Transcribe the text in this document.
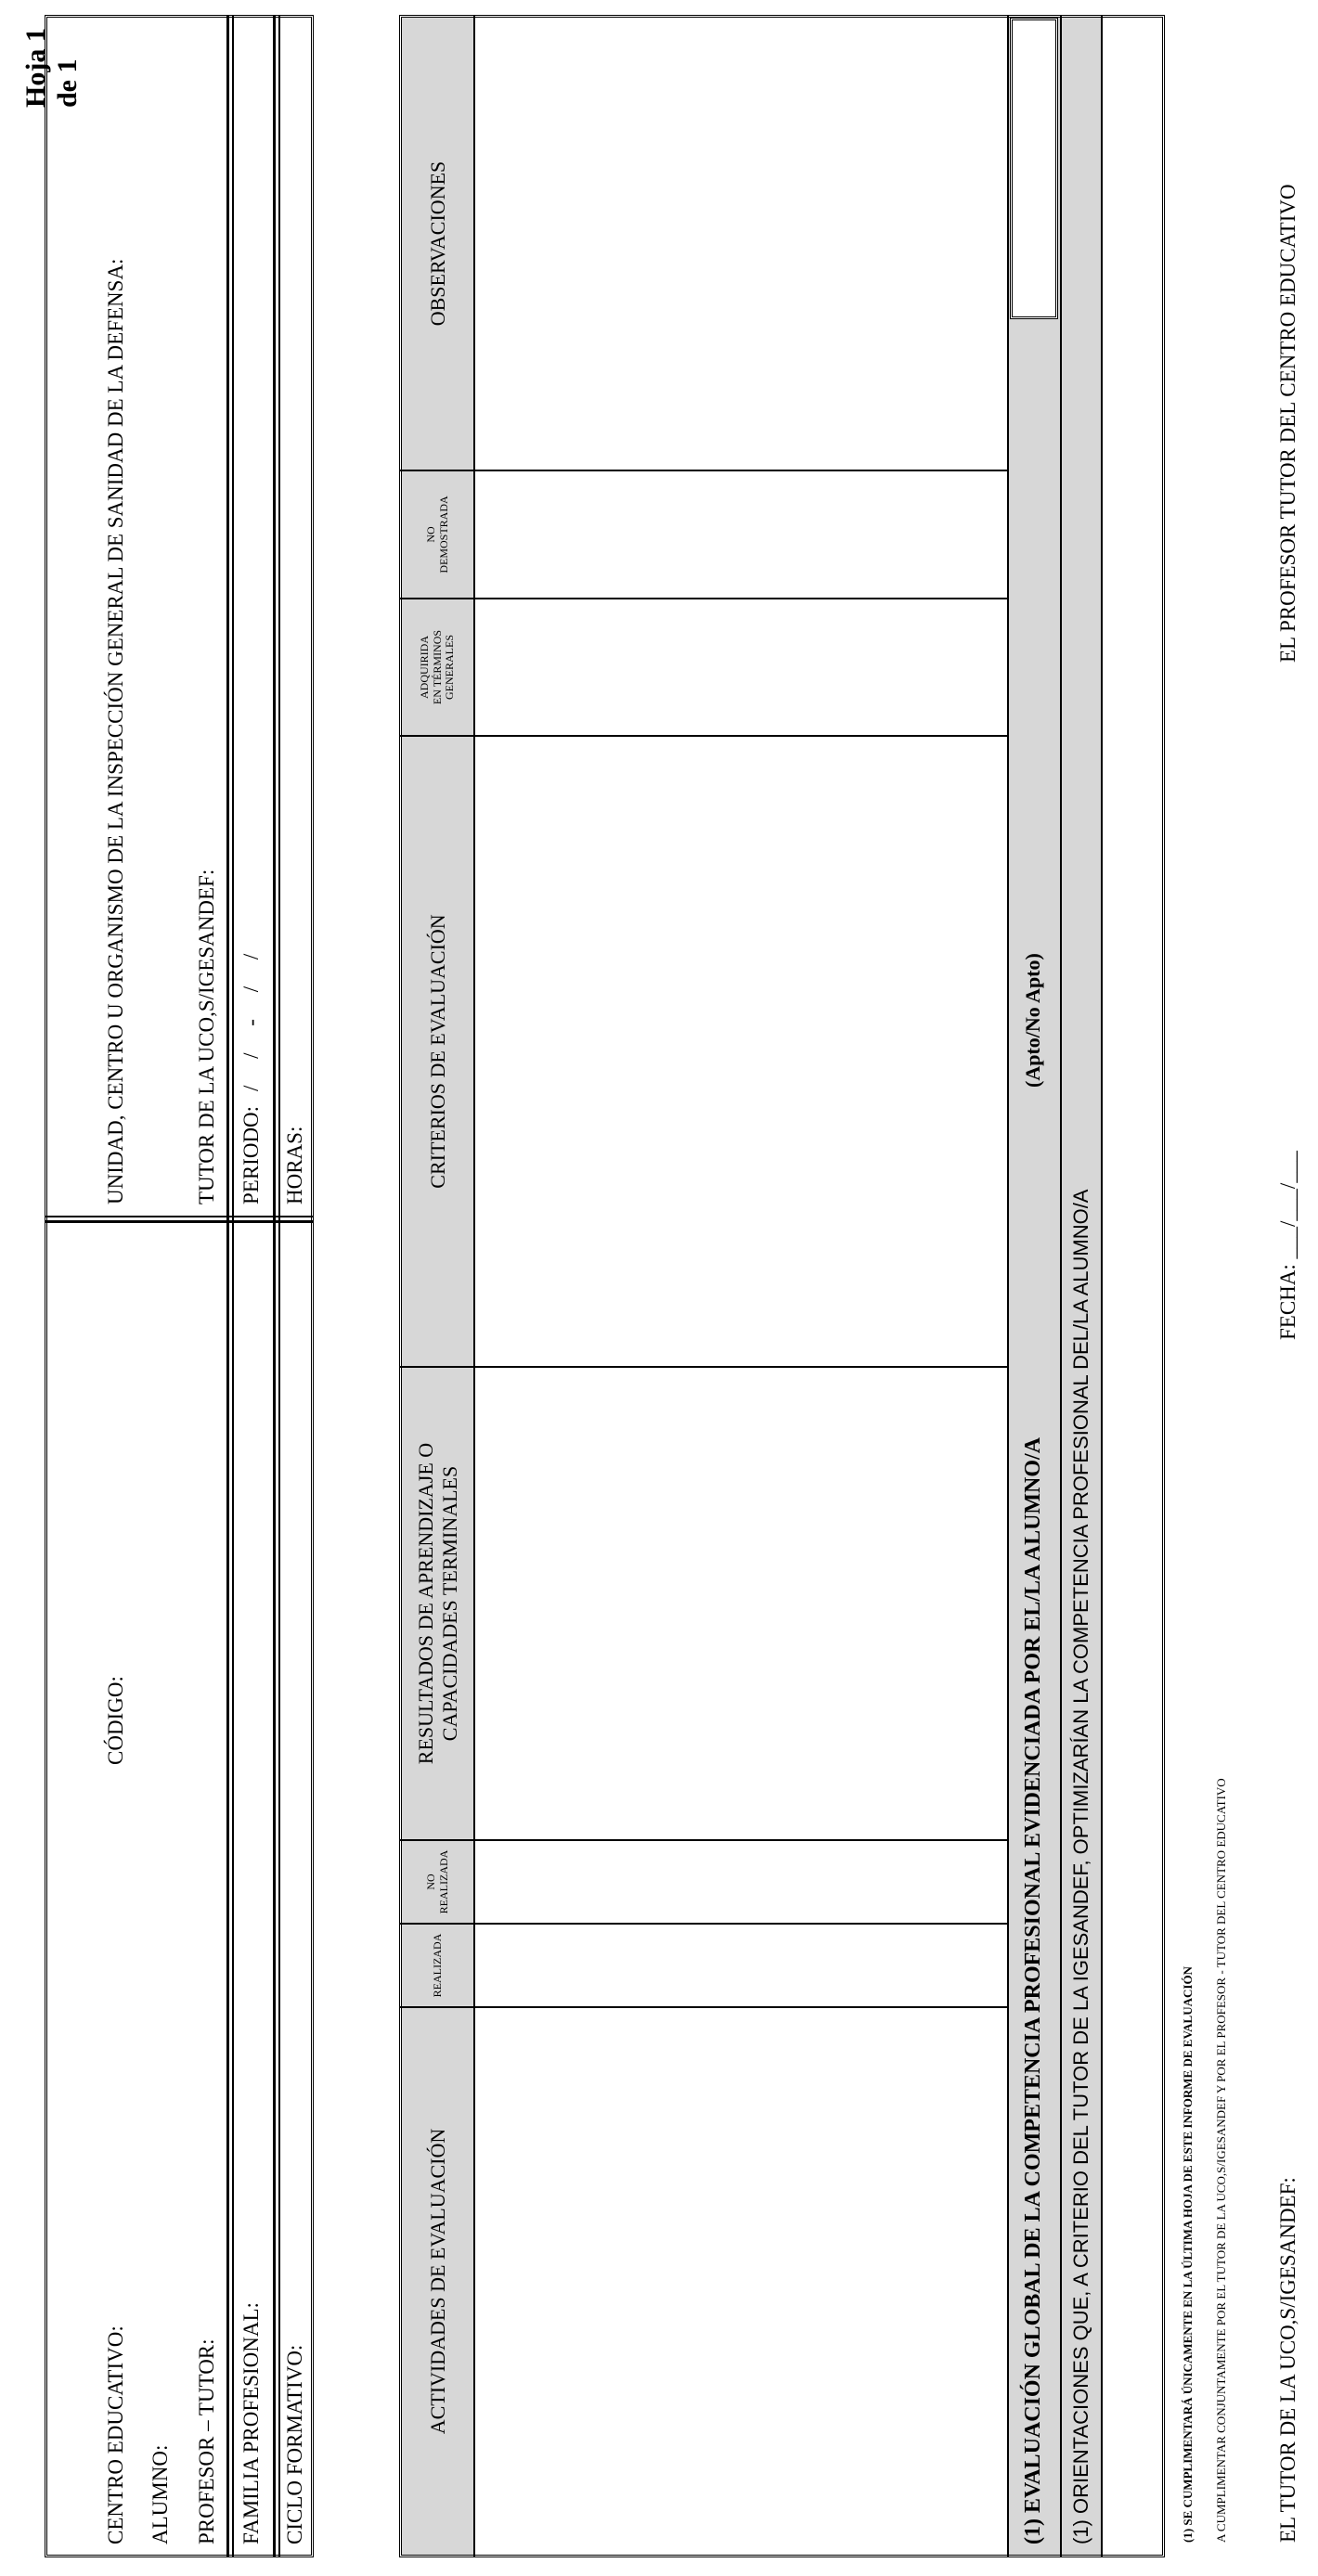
Hoja 1 de 1
CENTRO EDUCATIVO:
CÓDIGO:
UNIDAD, CENTRO U ORGANISMO DE LA INSPECCIÓN GENERAL DE SANIDAD DE LA DEFENSA:
ALUMNO: PROFESOR – TUTOR:
TUTOR DE LA UCO,S/IGESANDEF:
FAMILIA PROFESIONAL:
PERIODO:
/     /     -     /     /
CICLO FORMATIVO:
HORAS:
ACTIVIDADES DE EVALUACIÓN
REALIZADA
NO REALIZADA
RESULTADOS DE APRENDIZAJE O CAPACIDADES TERMINALES
CRITERIOS DE EVALUACIÓN
ADQUIRIDA EN TÉRMINOS GENERALES
NO DEMOSTRADA
OBSERVACIONES
(1) EVALUACIÓN GLOBAL DE LA COMPETENCIA PROFESIONAL EVIDENCIADA POR EL/LA ALUMNO/A
(Apto/No Apto)
(1) ORIENTACIONES QUE, A CRITERIO DEL TUTOR DE LA IGESANDEF, OPTIMIZARÍAN LA COMPETENCIA PROFESIONAL DEL/LA ALUMNO/A	(1) SE CUMPLIMENTARÁ ÚNICAMENTE EN LA ÚLTIMA HOJA DE ESTE INFORME DE EVALUACIÓN A CUMPLIMENTAR CONJUNTAMENTE POR EL TUTOR DE LA UCO,S/IGESANDEF Y POR EL PROFESOR - TUTOR DEL CENTRO EDUCATIVO EL TUTOR DE LA UCO,S/IGESANDEF:
FECHA: ___/___/___
EL PROFESOR TUTOR DEL CENTRO EDUCATIVO
